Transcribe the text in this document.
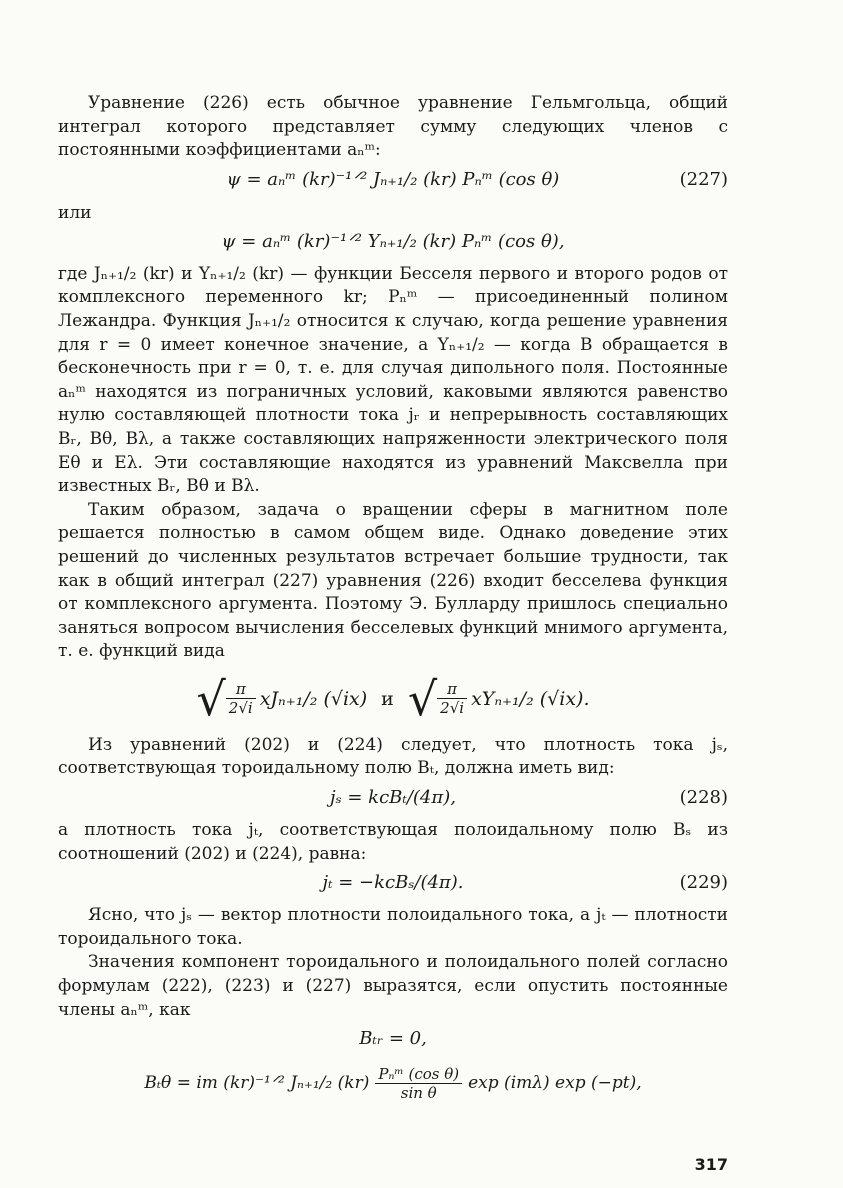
Уравнение (226) есть обычное уравнение Гельмгольца, общий интеграл которого представляет сумму следующих членов с постоянными коэффициентами aₙᵐ:

ψ = aₙᵐ (kr)⁻¹ᐟ² Jₙ₊₁/₂ (kr) Pₙᵐ (cos θ)	(227)
или
ψ = aₙᵐ (kr)⁻¹ᐟ² Yₙ₊₁/₂ (kr) Pₙᵐ (cos θ),

где Jₙ₊₁/₂ (kr) и Yₙ₊₁/₂ (kr) — функции Бесселя первого и второго родов от комплексного переменного kr; Pₙᵐ — присоединенный полином Лежандра. Функция Jₙ₊₁/₂ относится к случаю, когда решение уравнения для r = 0 имеет конечное значение, а Yₙ₊₁/₂ — когда B обращается в бесконечность при r = 0, т. е. для случая дипольного поля. Постоянные aₙᵐ находятся из пограничных условий, каковыми являются равенство нулю составляющей плотности тока jᵣ и непрерывность составляющих Bᵣ, Bθ, Bλ, а также составляющих напряженности электрического поля Eθ и Eλ. Эти составляющие находятся из уравнений Максвелла при известных Bᵣ, Bθ и Bλ.

Таким образом, задача о вращении сферы в магнитном поле решается полностью в самом общем виде. Однако доведение этих решений до численных результатов встречает большие трудности, так как в общий интеграл (227) уравнения (226) входит бесселева функция от комплексного аргумента. Поэтому Э. Булларду пришлось специально заняться вопросом вычисления бесселевых функций мнимого аргумента, т. е. функций вида

√ $\frac{\pi}{2√i} xJ_{n+1}/_2$ (√ix) и √ $\frac{\pi}{2√i} xY_{n+1}/_2$ (√ix).

Из уравнений (202) и (224) следует, что плотность тока jₛ, соответствующая тороидальному полю Bₜ, должна иметь вид:

jₛ = kcBₜ/(4π),	(228)

а плотность тока jₜ, соответствующая полоидальному полю Bₛ из соотношений (202) и (224), равна:

jₜ = −kcBₛ/(4π).	(229)

Ясно, что jₛ — вектор плотности полоидального тока, а jₜ — плотности тороидального тока.

Значения компонент тороидального и полоидального полей согласно формулам (222), (223) и (227) выразятся, если опустить постоянные члены aₙᵐ, как

Bₜᵣ = 0,
Bₜθ = im (kr)⁻¹ᐟ² Jₙ₊₁/₂ $(kr) \frac{\text{Pₙᵐ (cos θ)}}{\text{sin θ}}$ exp (imλ) exp (−pt),
317
